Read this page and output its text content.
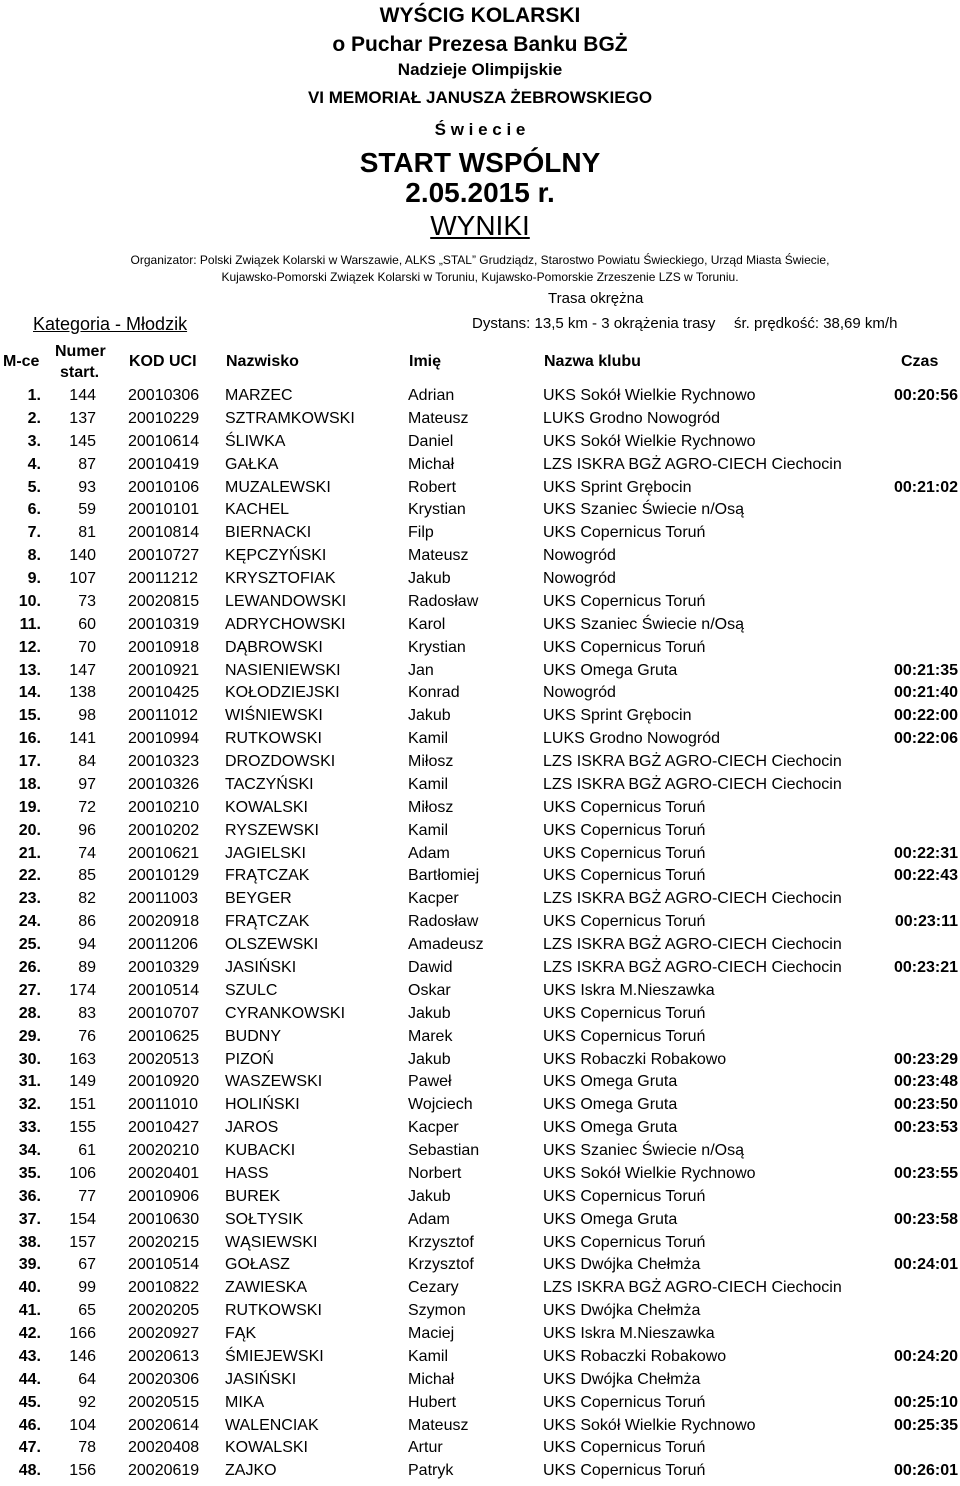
WYŚCIG KOLARSKI
o Puchar Prezesa Banku BGŻ
Nadzieje Olimpijskie
VI MEMORIAŁ JANUSZA ŻEBROWSKIEGO
Ś w i e c i e
START WSPÓLNY
2.05.2015 r.
WYNIKI
Organizator: Polski Związek Kolarski w Warszawie, ALKS „STAL” Grudziądz, Starostwo Powiatu Świeckiego, Urząd Miasta Świecie,
Kujawsko-Pomorski Związek Kolarski w Toruniu, Kujawsko-Pomorskie Zrzeszenie LZS w Toruniu.
Trasa okrężna
Kategoria - Młodzik	Dystans: 13,5 km - 3 okrążenia trasy śr. prędkość: 38,69 km/h
M-ce
Numer
start.
KOD UCI Nazwisko	Imię	Nazwa klubu	Czas
1.	144 20010306 MARZEC	Adrian	UKS Sokół Wielkie Rychnowo	00:20:56
2.	137 20010229 SZTRAMKOWSKI	Mateusz	LUKS Grodno Nowogród
3.	145 20010614 ŚLIWKA	Daniel	UKS Sokół Wielkie Rychnowo
4.	87 20010419 GAŁKA	Michał	LZS ISKRA BGŻ AGRO-CIECH Ciechocin
5.	93 20010106 MUZALEWSKI	Robert	UKS Sprint Grębocin	00:21:02
6.	59 20010101 KACHEL	Krystian	UKS Szaniec Świecie n/Osą
7.	81 20010814 BIERNACKI	Filp	UKS Copernicus Toruń
8.	140 20010727 KĘPCZYŃSKI	Mateusz	Nowogród
9.	107 20011212 KRYSZTOFIAK	Jakub	Nowogród
10.	73 20020815 LEWANDOWSKI	Radosław	UKS Copernicus Toruń
11.	60 20010319 ADRYCHOWSKI	Karol	UKS Szaniec Świecie n/Osą
12.	70 20010918 DĄBROWSKI	Krystian	UKS Copernicus Toruń
13.	147 20010921 NASIENIEWSKI	Jan	UKS Omega Gruta	00:21:35
14.	138 20010425 KOŁODZIEJSKI	Konrad	Nowogród	00:21:40
15.	98 20011012 WIŚNIEWSKI	Jakub	UKS Sprint Grębocin	00:22:00
16.	141 20010994 RUTKOWSKI	Kamil	LUKS Grodno Nowogród	00:22:06
17.	84 20010323 DROZDOWSKI	Miłosz	LZS ISKRA BGŻ AGRO-CIECH Ciechocin
18.	97 20010326 TACZYŃSKI	Kamil	LZS ISKRA BGŻ AGRO-CIECH Ciechocin
19.	72 20010210 KOWALSKI	Miłosz	UKS Copernicus Toruń
20.	96 20010202 RYSZEWSKI	Kamil	UKS Copernicus Toruń
21.	74 20010621 JAGIELSKI	Adam	UKS Copernicus Toruń	00:22:31
22.	85 20010129 FRĄTCZAK	Bartłomiej	UKS Copernicus Toruń	00:22:43
23.	82 20011003 BEYGER	Kacper	LZS ISKRA BGŻ AGRO-CIECH Ciechocin
24.	86 20020918 FRĄTCZAK	Radosław	UKS Copernicus Toruń	00:23:11
25.	94 20011206 OLSZEWSKI	Amadeusz	LZS ISKRA BGŻ AGRO-CIECH Ciechocin
26.	89 20010329 JASIŃSKI	Dawid	LZS ISKRA BGŻ AGRO-CIECH Ciechocin	00:23:21
27.	174 20010514 SZULC	Oskar	UKS Iskra M.Nieszawka
28.	83 20010707 CYRANKOWSKI	Jakub	UKS Copernicus Toruń
29.	76 20010625 BUDNY	Marek	UKS Copernicus Toruń
30.	163 20020513 PIZOŃ	Jakub	UKS Robaczki Robakowo	00:23:29
31.	149 20010920 WASZEWSKI	Paweł	UKS Omega Gruta	00:23:48
32.	151 20011010 HOLIŃSKI	Wojciech	UKS Omega Gruta	00:23:50
33.	155 20010427 JAROS	Kacper	UKS Omega Gruta	00:23:53
34.	61 20020210 KUBACKI	Sebastian	UKS Szaniec Świecie n/Osą
35.	106 20020401 HASS	Norbert	UKS Sokół Wielkie Rychnowo	00:23:55
36.	77 20010906 BUREK	Jakub	UKS Copernicus Toruń
37.	154 20010630 SOŁTYSIK	Adam	UKS Omega Gruta	00:23:58
38.	157 20020215 WĄSIEWSKI	Krzysztof	UKS Copernicus Toruń
39.	67 20010514 GOŁASZ	Krzysztof	UKS Dwójka Chełmża	00:24:01
40.	99 20010822 ZAWIESKA	Cezary	LZS ISKRA BGŻ AGRO-CIECH Ciechocin
41.	65 20020205 RUTKOWSKI	Szymon	UKS Dwójka Chełmża
42.	166 20020927 FĄK	Maciej	UKS Iskra M.Nieszawka
43.	146 20020613 ŚMIEJEWSKI	Kamil	UKS Robaczki Robakowo	00:24:20
44.	64 20020306 JASIŃSKI	Michał	UKS Dwójka Chełmża
45.	92 20020515 MIKA	Hubert	UKS Copernicus Toruń	00:25:10
46.	104 20020614 WALENCIAK	Mateusz	UKS Sokół Wielkie Rychnowo	00:25:35
47.	78 20020408 KOWALSKI	Artur	UKS Copernicus Toruń
48.	156 20020619 ZAJKO	Patryk	UKS Copernicus Toruń	00:26:01
